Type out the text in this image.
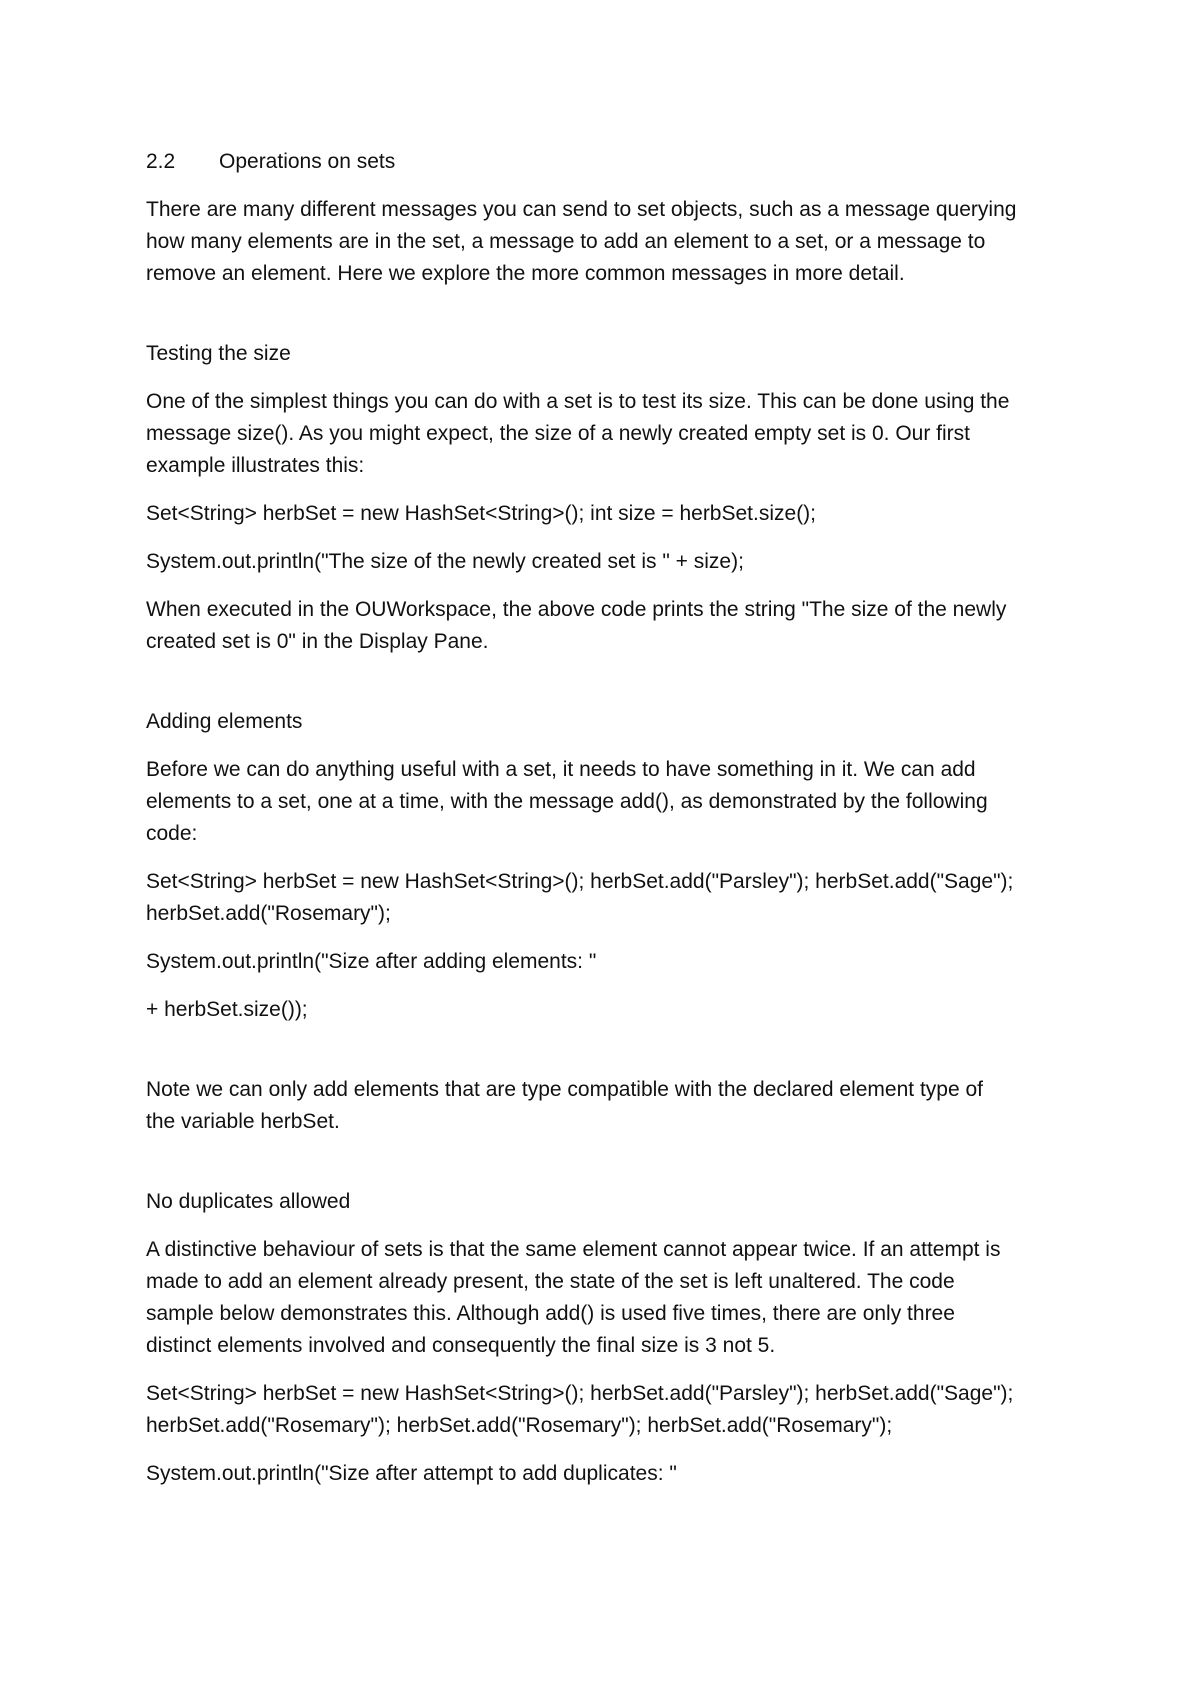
2.2 Operations on sets
There are many different messages you can send to set objects, such as a message querying
how many elements are in the set, a message to add an element to a set, or a message to
remove an element. Here we explore the more common messages in more detail.
Testing the size
One of the simplest things you can do with a set is to test its size. This can be done using the
message size(). As you might expect, the size of a newly created empty set is 0. Our first
example illustrates this:
Set<String> herbSet = new HashSet<String>(); int size = herbSet.size();
System.out.println("The size of the newly created set is " + size);
When executed in the OUWorkspace, the above code prints the string "The size of the newly
created set is 0" in the Display Pane.
Adding elements
Before we can do anything useful with a set, it needs to have something in it. We can add
elements to a set, one at a time, with the message add(), as demonstrated by the following
code:
Set<String> herbSet = new HashSet<String>(); herbSet.add("Parsley"); herbSet.add("Sage");
herbSet.add("Rosemary");
System.out.println("Size after adding elements: "
+ herbSet.size());
Note we can only add elements that are type compatible with the declared element type of
the variable herbSet.
No duplicates allowed
A distinctive behaviour of sets is that the same element cannot appear twice. If an attempt is
made to add an element already present, the state of the set is left unaltered. The code
sample below demonstrates this. Although add() is used five times, there are only three
distinct elements involved and consequently the final size is 3 not 5.
Set<String> herbSet = new HashSet<String>(); herbSet.add("Parsley"); herbSet.add("Sage");
herbSet.add("Rosemary"); herbSet.add("Rosemary"); herbSet.add("Rosemary");
System.out.println("Size after attempt to add duplicates: "
